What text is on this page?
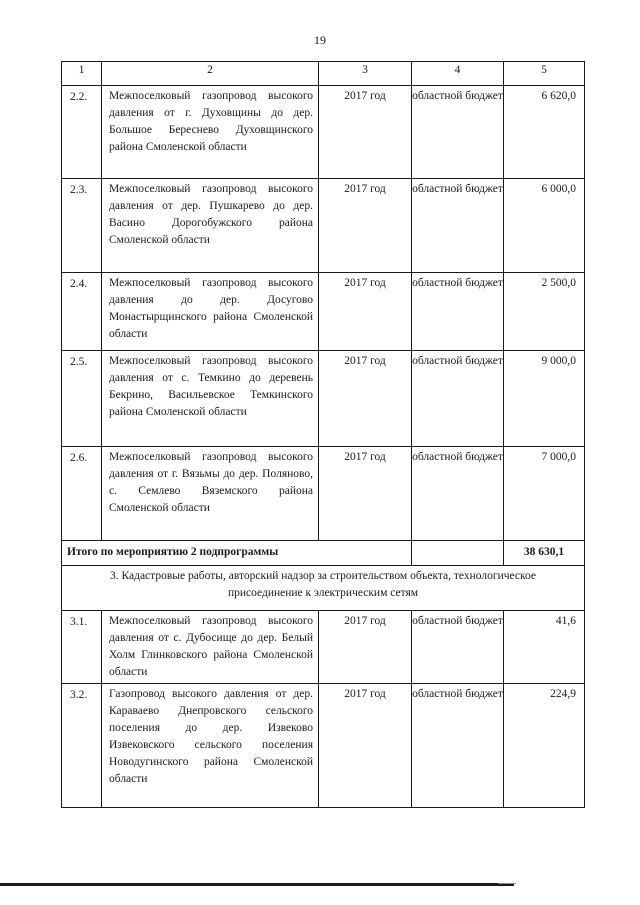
19
1	2	3	4	5
2.2.	Межпоселковый газопровод высокого давления от г. Духовщины до дер. Большое Береснево Духовщинского района Смоленской области	2017 год	областной бюджет	6 620,0
2.3.	Межпоселковый газопровод высокого давления от дер. Пушкарево до дер. Васино Дорогобужского района Смоленской области	2017 год	областной бюджет	6 000,0
2.4.	Межпоселковый газопровод высокого давления до дер. Досугово Монастырщинского района Смоленской области	2017 год	областной бюджет	2 500,0
2.5.	Межпоселковый газопровод высокого давления от с. Темкино до деревень Бекрино, Васильевское Темкинского района Смоленской области	2017 год	областной бюджет	9 000,0
2.6.	Межпоселковый газопровод высокого давления от г. Вязьмы до дер. Поляново, с. Семлево Вяземского района Смоленской области	2017 год	областной бюджет	7 000,0
Итого по мероприятию 2 подпрограммы				38 630,1
3. Кадастровые работы, авторский надзор за строительством объекта, технологическое присоединение к электрическим сетям				
3.1.	Межпоселковый газопровод высокого давления от с. Дубосище до дер. Белый Холм Глинковского района Смоленской области	2017 год	областной бюджет	41,6
3.2.	Газопровод высокого давления от дер. Караваево Днепровского сельского поселения до дер. Извеково Извековского сельского поселения Новодугинского района Смоленской области	2017 год	областной бюджет	224,9
